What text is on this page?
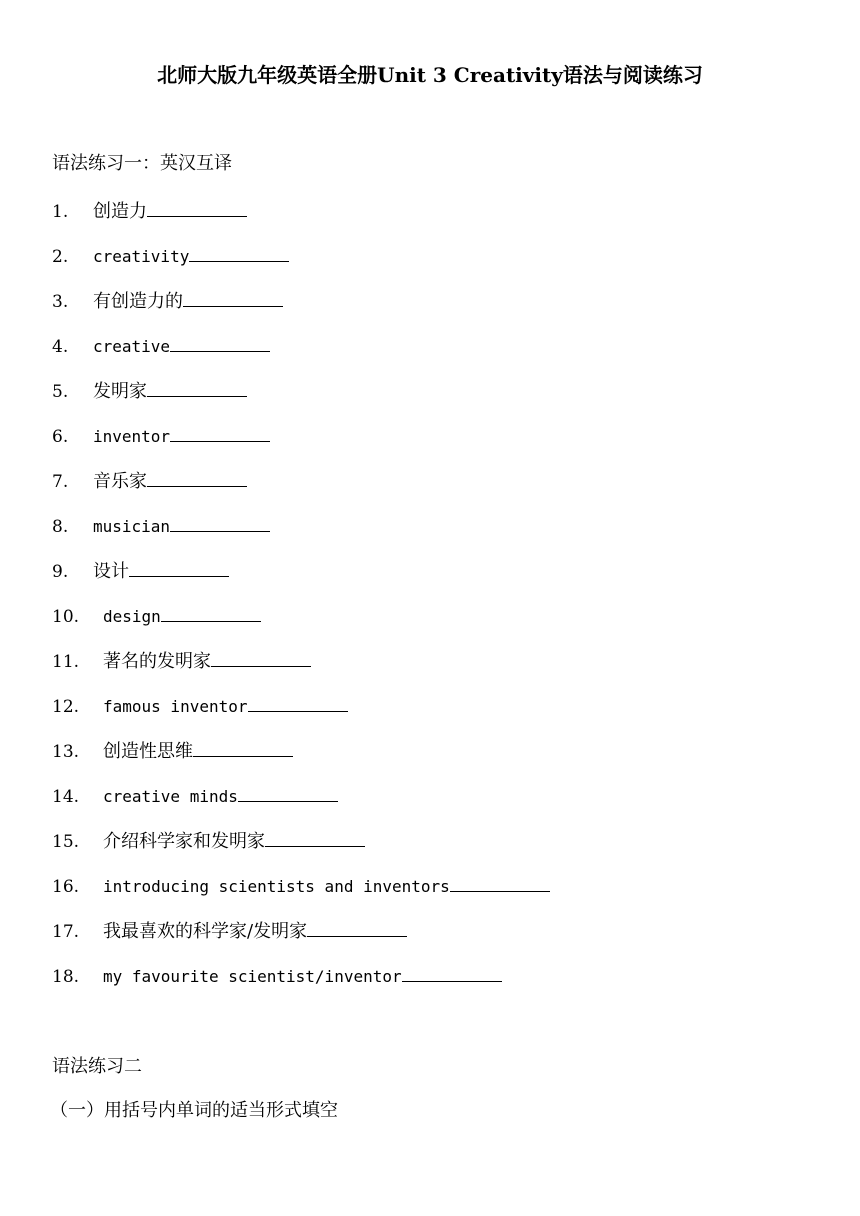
北师大版九年级英语全册Unit 3 Creativity语法与阅读练习
语法练习一：英汉互译
1. 创造力
2. creativity
3. 有创造力的
4. creative
5. 发明家
6. inventor
7. 音乐家
8. musician
9. 设计
10. design
11. 著名的发明家
12. famous inventor
13. 创造性思维
14. creative minds
15. 介绍科学家和发明家
16. introducing scientists and inventors
17. 我最喜欢的科学家/发明家
18. my favourite scientist/inventor
语法练习二
（一）用括号内单词的适当形式填空
